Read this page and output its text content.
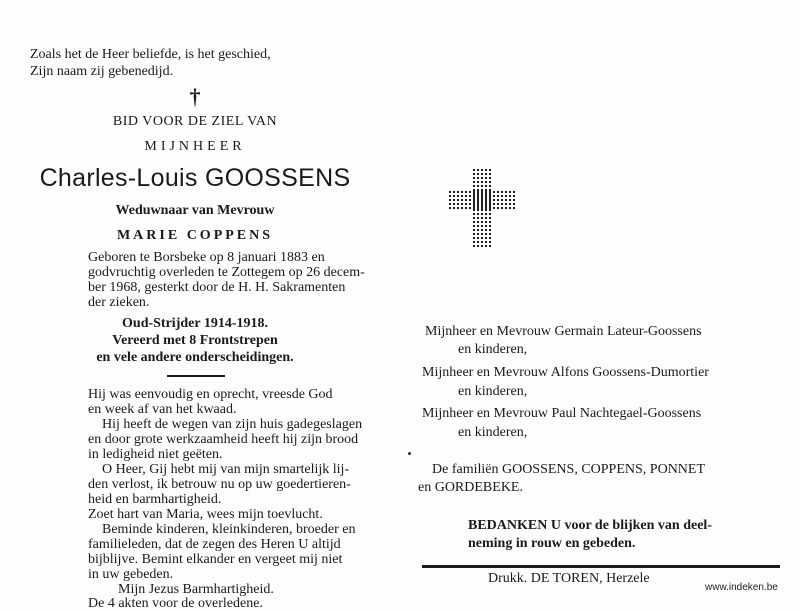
Zoals het de Heer beliefde, is het geschied,
Zijn naam zij gebenedijd.
†
BID VOOR DE ZIEL VAN
MIJNHEER
Charles-Louis GOOSSENS
Weduwnaar van Mevrouw
MARIE COPPENS
Geboren te Borsbeke op 8 januari 1883 en
godvruchtig overleden te Zottegem op 26 decem-
ber 1968, gesterkt door de H. H. Sakramenten
der zieken.
Oud-Strijder 1914-1918.
Vereerd met 8 Frontstrepen
en vele andere onderscheidingen.
Hij was eenvoudig en oprecht, vreesde God
en week af van het kwaad.
Hij heeft de wegen van zijn huis gadegeslagen
en door grote werkzaamheid heeft hij zijn brood
in ledigheid niet geëten.
O Heer, Gij hebt mij van mijn smartelijk lij-
den verlost, ik betrouw nu op uw goedertieren-
heid en barmhartigheid.
Zoet hart van Maria, wees mijn toevlucht.
Beminde kinderen, kleinkinderen, broeder en
familieleden, dat de zegen des Heren U altijd
bijblijve. Bemint elkander en vergeet mij niet
in uw gebeden.
Mijn Jezus Barmhartigheid.
De 4 akten voor de overledene.
Mijnheer en Mevrouw Germain Lateur-Goossens
en kinderen,
Mijnheer en Mevrouw Alfons Goossens-Dumortier
en kinderen,
Mijnheer en Mevrouw Paul Nachtegael-Goossens
en kinderen,
De familiën GOOSSENS, COPPENS, PONNET
en GORDEBEKE.
BEDANKEN U voor de blijken van deel-
neming in rouw en gebeden.
Drukk. DE TOREN, Herzele
www.indeken.be
